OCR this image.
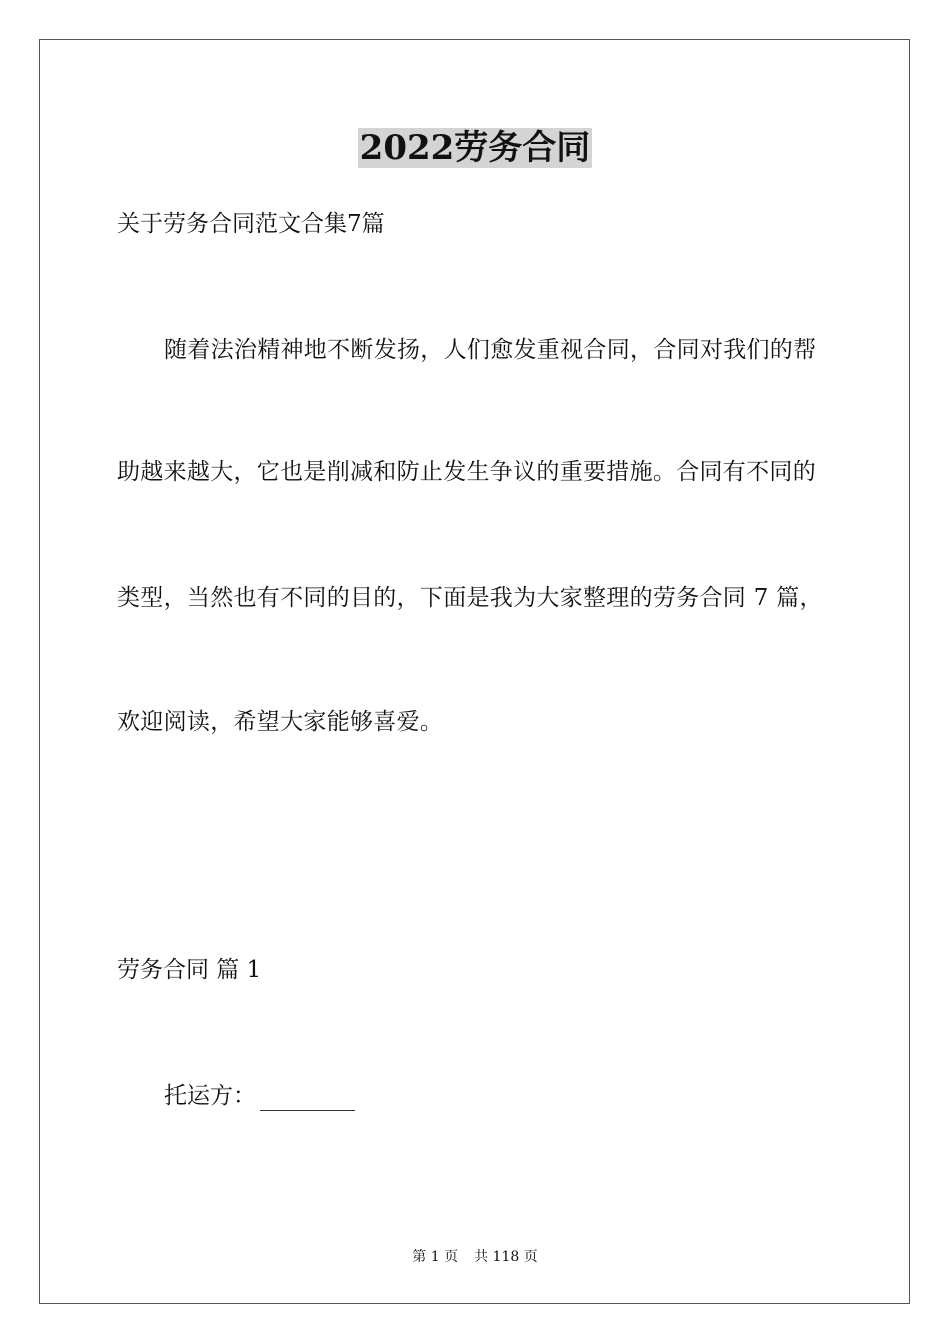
2022劳务合同
关于劳务合同范文合集7篇
随着法治精神地不断发扬，人们愈发重视合同，合同对我们的帮
助越来越大，它也是削减和防止发生争议的重要措施。合同有不同的
类型，当然也有不同的目的，下面是我为大家整理的劳务合同 7 篇，
欢迎阅读，希望大家能够喜爱。
劳务合同 篇 1
托运方：
第 1 页 共 118 页
